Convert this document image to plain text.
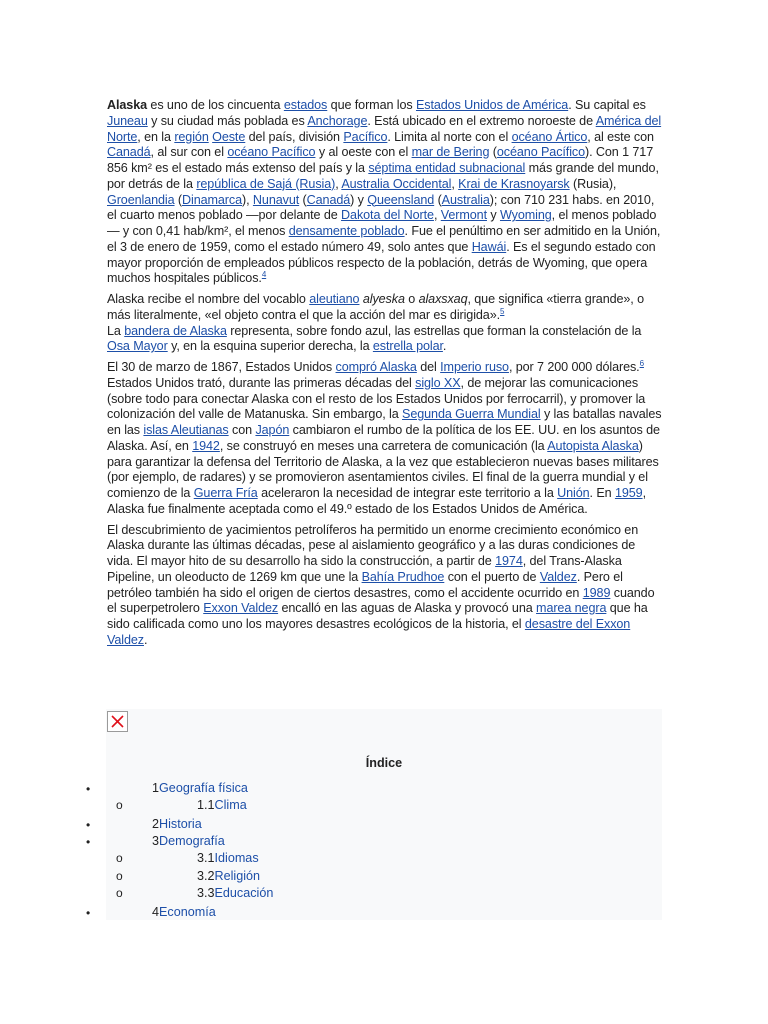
Alaska es uno de los cincuenta estados que forman los Estados Unidos de América. Su capital es Juneau y su ciudad más poblada es Anchorage. Está ubicado en el extremo noroeste de América del Norte, en la región Oeste del país, división Pacífico. Limita al norte con el océano Ártico, al este con Canadá, al sur con el océano Pacífico y al oeste con el mar de Bering (océano Pacífico). Con 1 717 856 km² es el estado más extenso del país y la séptima entidad subnacional más grande del mundo, por detrás de la república de Sajá (Rusia), Australia Occidental, Krai de Krasnoyarsk (Rusia), Groenlandia (Dinamarca), Nunavut (Canadá) y Queensland (Australia); con 710 231 habs. en 2010, el cuarto menos poblado —por delante de Dakota del Norte, Vermont y Wyoming, el menos poblado— y con 0,41 hab/km², el menos densamente poblado. Fue el penúltimo en ser admitido en la Unión, el 3 de enero de 1959, como el estado número 49, solo antes que Hawái. Es el segundo estado con mayor proporción de empleados públicos respecto de la población, detrás de Wyoming, que opera muchos hospitales públicos.$^4$

Alaska recibe el nombre del vocablo aleutiano alyeska o alaxsxaq, que significa «tierra grande», o más literalmente, «el objeto contra el que la acción del mar es dirigida».$^5$
La bandera de Alaska representa, sobre fondo azul, las estrellas que forman la constelación de la Osa Mayor y, en la esquina superior derecha, la estrella polar.

El 30 de marzo de 1867, Estados Unidos compró Alaska del Imperio ruso, por 7 200 000 dólares.$^6$ Estados Unidos trató, durante las primeras décadas del siglo XX, de mejorar las comunicaciones (sobre todo para conectar Alaska con el resto de los Estados Unidos por ferrocarril), y promover la colonización del valle de Matanuska. Sin embargo, la Segunda Guerra Mundial y las batallas navales en las islas Aleutianas con Japón cambiaron el rumbo de la política de los EE. UU. en los asuntos de Alaska. Así, en 1942, se construyó en meses una carretera de comunicación (la Autopista Alaska) para garantizar la defensa del Territorio de Alaska, a la vez que establecieron nuevas bases militares (por ejemplo, de radares) y se promovieron asentamientos civiles. El final de la guerra mundial y el comienzo de la Guerra Fría aceleraron la necesidad de integrar este territorio a la Unión. En 1959, Alaska fue finalmente aceptada como el 49.º estado de los Estados Unidos de América.

El descubrimiento de yacimientos petrolíferos ha permitido un enorme crecimiento económico en Alaska durante las últimas décadas, pese al aislamiento geográfico y a las duras condiciones de vida. El mayor hito de su desarrollo ha sido la construcción, a partir de 1974, del Trans-Alaska Pipeline, un oleoducto de 1269 km que une la Bahía Prudhoe con el puerto de Valdez. Pero el petróleo también ha sido el origen de ciertos desastres, como el accidente ocurrido en 1989 cuando el superpetrolero Exxon Valdez encalló en las aguas de Alaska y provocó una marea negra que ha sido calificada como uno los mayores desastres ecológicos de la historia, el desastre del Exxon Valdez.

Índice
•	1Geografía física
o	1.1Clima
•	2Historia
•	3Demografía
o	3.1Idiomas
o	3.2Religión
o	3.3Educación
•	4Economía
